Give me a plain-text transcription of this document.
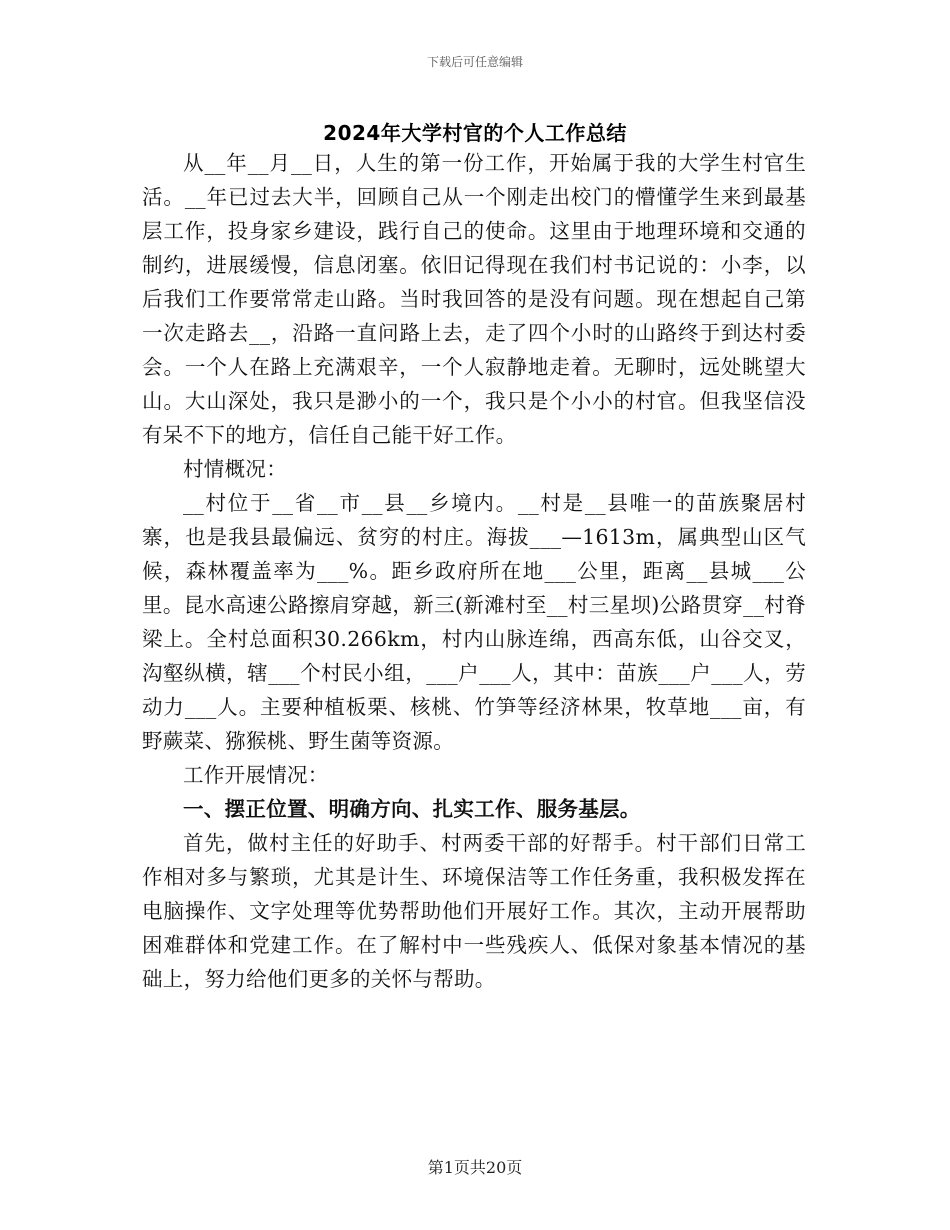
下载后可任意编辑
2024年大学村官的个人工作总结

从__年__月__日，人生的第一份工作，开始属于我的大学生村官生活。__年已过去大半，回顾自己从一个刚走出校门的懵懂学生来到最基层工作，投身家乡建设，践行自己的使命。这里由于地理环境和交通的制约，进展缓慢，信息闭塞。依旧记得现在我们村书记说的：小李，以后我们工作要常常走山路。当时我回答的是没有问题。现在想起自己第一次走路去__，沿路一直问路上去，走了四个小时的山路终于到达村委会。一个人在路上充满艰辛，一个人寂静地走着。无聊时，远处眺望大山。大山深处，我只是渺小的一个，我只是个小小的村官。但我坚信没有呆不下的地方，信任自己能干好工作。

村情概况：

__村位于__省__市__县__乡境内。__村是__县唯一的苗族聚居村寨，也是我县最偏远、贫穷的村庄。海拔___—1613m，属典型山区气候，森林覆盖率为___%。距乡政府所在地___公里，距离__县城___公里。昆水高速公路擦肩穿越，新三(新滩村至__村三星坝)公路贯穿__村脊梁上。全村总面积30.266km，村内山脉连绵，西高东低，山谷交叉，沟壑纵横，辖___个村民小组，___户___人，其中：苗族___户___人，劳动力___人。主要种植板栗、核桃、竹笋等经济林果，牧草地___亩，有野蕨菜、猕猴桃、野生菌等资源。

工作开展情况：

一、摆正位置、明确方向、扎实工作、服务基层。

首先，做村主任的好助手、村两委干部的好帮手。村干部们日常工作相对多与繁琐，尤其是计生、环境保洁等工作任务重，我积极发挥在电脑操作、文字处理等优势帮助他们开展好工作。其次，主动开展帮助困难群体和党建工作。在了解村中一些残疾人、低保对象基本情况的基础上，努力给他们更多的关怀与帮助。

第1页共20页
